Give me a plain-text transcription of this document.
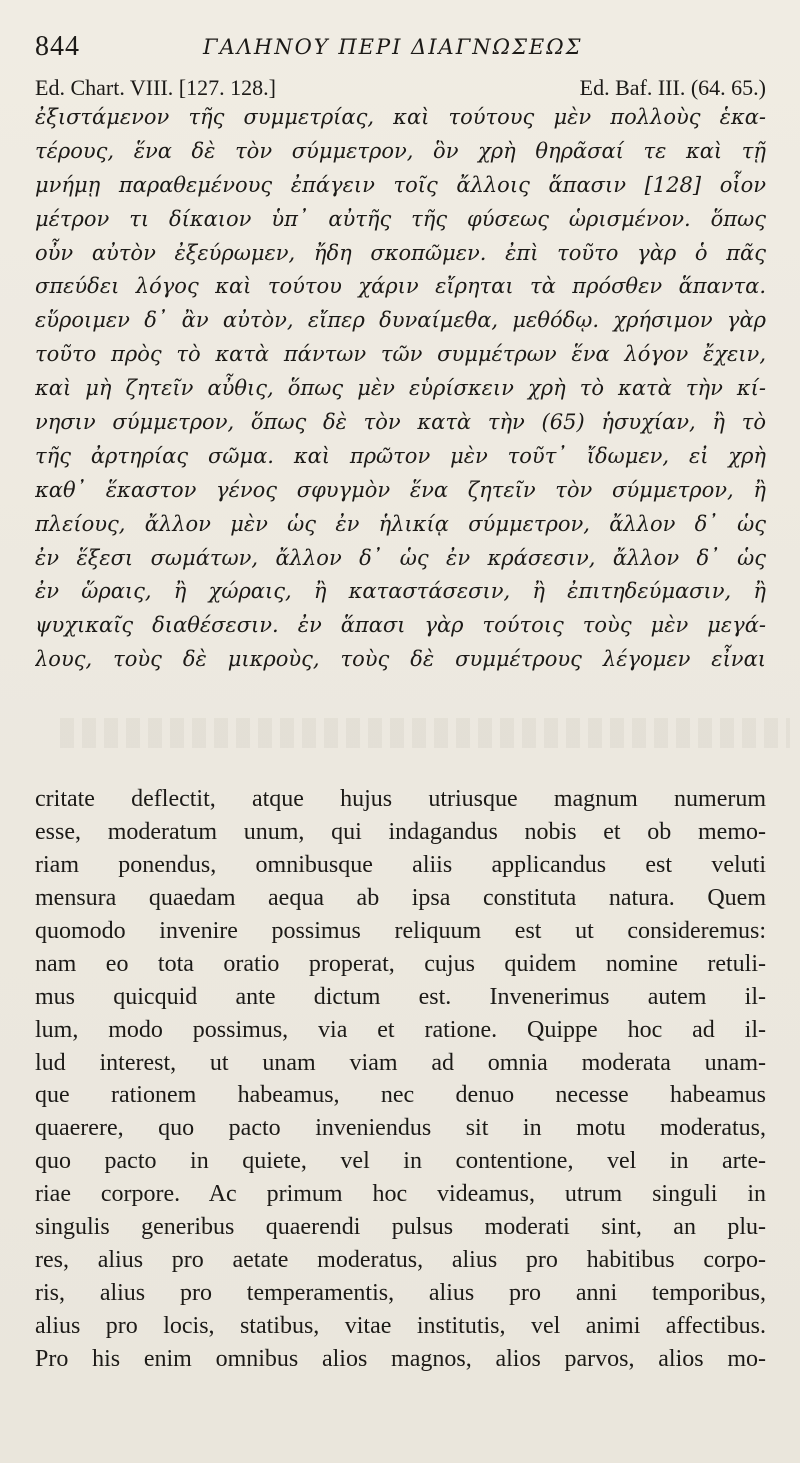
844	ΓΑΛΗΝΟΥ ΠΕΡΙ ΔΙΑΓΝΩΣΕΩΣ
Ed. Chart. VIII. [127. 128.]	Ed. Baf. III. (64. 65.)
ἐξιστάμενον τῆς συμμετρίας, καὶ τούτους μὲν πολλοὺς ἑκα-
τέρους, ἕνα δὲ τὸν σύμμετρον, ὃν χρὴ θηρᾶσαί τε καὶ τῇ
μνήμῃ παραθεμένους ἐπάγειν τοῖς ἄλλοις ἅπασιν [128] οἷον
μέτρον τι δίκαιον ὑπ᾽ αὐτῆς τῆς φύσεως ὡρισμένον. ὅπως
οὖν αὐτὸν ἐξεύρωμεν, ἤδη σκοπῶμεν. ἐπὶ τοῦτο γὰρ ὁ πᾶς
σπεύδει λόγος καὶ τούτου χάριν εἴρηται τὰ πρόσθεν ἅπαντα.
εὕροιμεν δ᾽ ἂν αὐτὸν, εἴπερ δυναίμεθα, μεθόδῳ. χρήσιμον γὰρ
τοῦτο πρὸς τὸ κατὰ πάντων τῶν συμμέτρων ἕνα λόγον ἔχειν,
καὶ μὴ ζητεῖν αὖθις, ὅπως μὲν εὑρίσκειν χρὴ τὸ κατὰ τὴν κί-
νησιν σύμμετρον, ὅπως δὲ τὸν κατὰ τὴν (65) ἡσυχίαν, ἢ τὸ
τῆς ἀρτηρίας σῶμα. καὶ πρῶτον μὲν τοῦτ᾽ ἴδωμεν, εἰ χρὴ
καθ᾽ ἕκαστον γένος σφυγμὸν ἕνα ζητεῖν τὸν σύμμετρον, ἢ
πλείους, ἄλλον μὲν ὡς ἐν ἡλικίᾳ σύμμετρον, ἄλλον δ᾽ ὡς
ἐν ἕξεσι σωμάτων, ἄλλον δ᾽ ὡς ἐν κράσεσιν, ἄλλον δ᾽ ὡς
ἐν ὥραις, ἢ χώραις, ἢ καταστάσεσιν, ἢ ἐπιτηδεύμασιν, ἢ
ψυχικαῖς διαθέσεσιν. ἐν ἅπασι γὰρ τούτοις τοὺς μὲν μεγά-
λους, τοὺς δὲ μικροὺς, τοὺς δὲ συμμέτρους λέγομεν εἶναι
critate deflectit, atque hujus utriusque magnum numerum
esse, moderatum unum, qui indagandus nobis et ob memo-
riam ponendus, omnibusque aliis applicandus est veluti
mensura quaedam aequa ab ipsa constituta natura. Quem
quomodo invenire possimus reliquum est ut consideremus:
nam eo tota oratio properat, cujus quidem nomine retuli-
mus quicquid ante dictum est. Invenerimus autem il-
lum, modo possimus, via et ratione. Quippe hoc ad il-
lud interest, ut unam viam ad omnia moderata unam-
que rationem habeamus, nec denuo necesse habeamus
quaerere, quo pacto inveniendus sit in motu moderatus,
quo pacto in quiete, vel in contentione, vel in arte-
riae corpore. Ac primum hoc videamus, utrum singuli in
singulis generibus quaerendi pulsus moderati sint, an plu-
res, alius pro aetate moderatus, alius pro habitibus corpo-
ris, alius pro temperamentis, alius pro anni temporibus,
alius pro locis, statibus, vitae institutis, vel animi affectibus.
Pro his enim omnibus alios magnos, alios parvos, alios mo-
